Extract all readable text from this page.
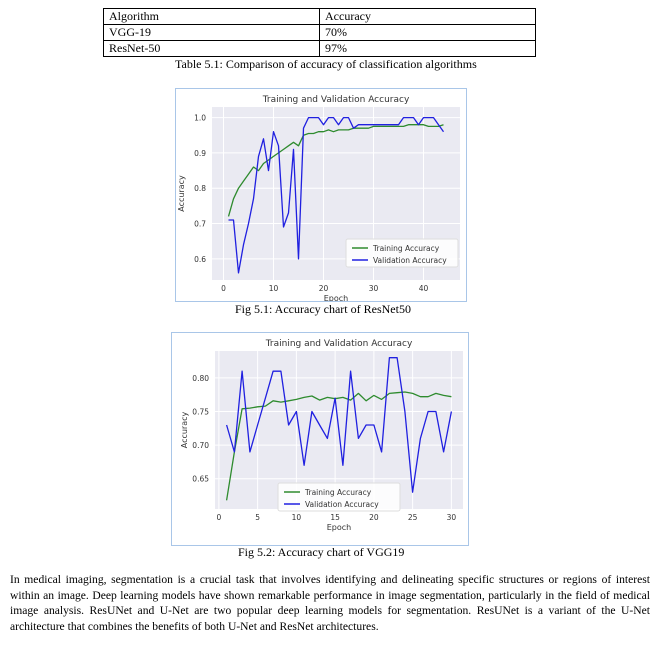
Algorithm	Accuracy
VGG-19	70%
ResNet-50	97%
Table 5.1: Comparison of accuracy of classification algorithms
0.6
0.7
0.8
0.9
1.0
0	10	20	30	40
Training and Validation Accuracy
Epoch
Accuracy
Training Accuracy
Validation Accuracy
Fig 5.1: Accuracy chart of ResNet50
0.65
0.70
0.75
0.80
0	5	10	15	20	25	30
Training and Validation Accuracy
Epoch
Accuracy
Training Accuracy
Validation Accuracy
Fig 5.2: Accuracy chart of VGG19
In medical imaging, segmentation is a crucial task that involves identifying and delineating specific structures or regions of interest within an image. Deep learning models have shown remarkable performance in image segmentation, particularly in the field of medical image analysis. ResUNet and U-Net are two popular deep learning models for segmentation. ResUNet is a variant of the U-Net architecture that combines the benefits of both U-Net and ResNet architectures.
